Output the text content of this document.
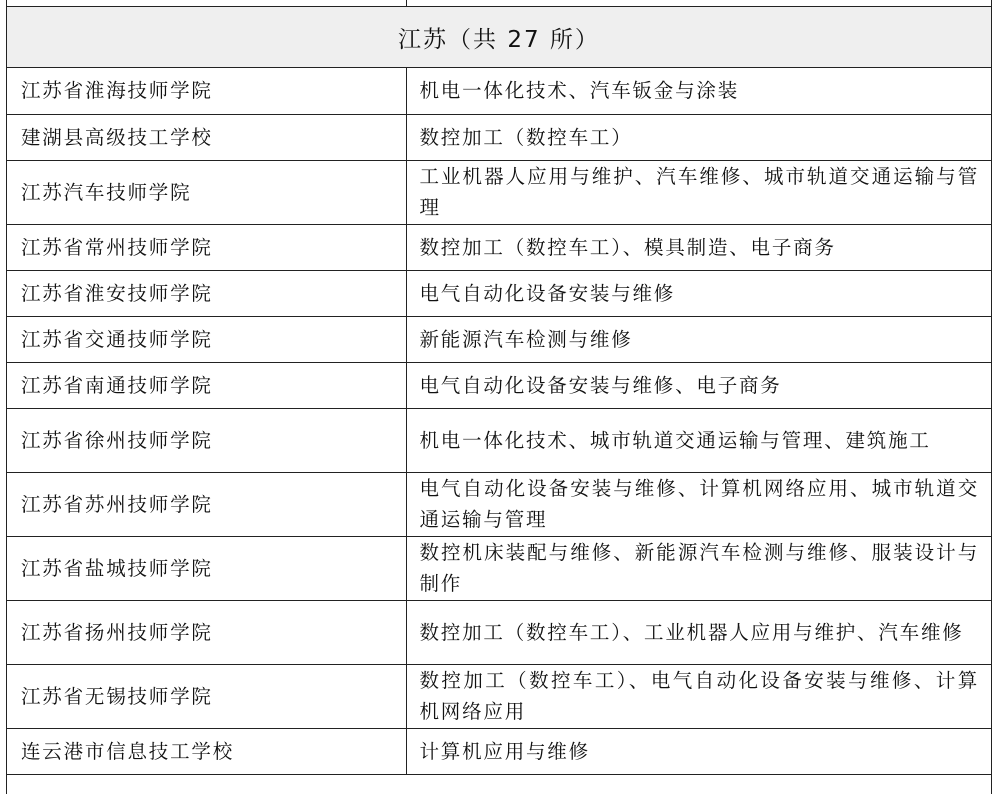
江苏（共 27 所）
江苏省淮海技师学院	机电一体化技术、汽车钣金与涂装
建湖县高级技工学校	数控加工（数控车工）
江苏汽车技师学院	工业机器人应用与维护、汽车维修、城市轨道交通运输与管理
江苏省常州技师学院	数控加工（数控车工）、模具制造、电子商务
江苏省淮安技师学院	电气自动化设备安装与维修
江苏省交通技师学院	新能源汽车检测与维修
江苏省南通技师学院	电气自动化设备安装与维修、电子商务
江苏省徐州技师学院	机电一体化技术、城市轨道交通运输与管理、建筑施工
江苏省苏州技师学院	电气自动化设备安装与维修、计算机网络应用、城市轨道交通运输与管理
江苏省盐城技师学院	数控机床装配与维修、新能源汽车检测与维修、服装设计与制作
江苏省扬州技师学院	数控加工（数控车工）、工业机器人应用与维护、汽车维修
江苏省无锡技师学院	数控加工（数控车工）、电气自动化设备安装与维修、计算机网络应用
连云港市信息技工学校	计算机应用与维修
